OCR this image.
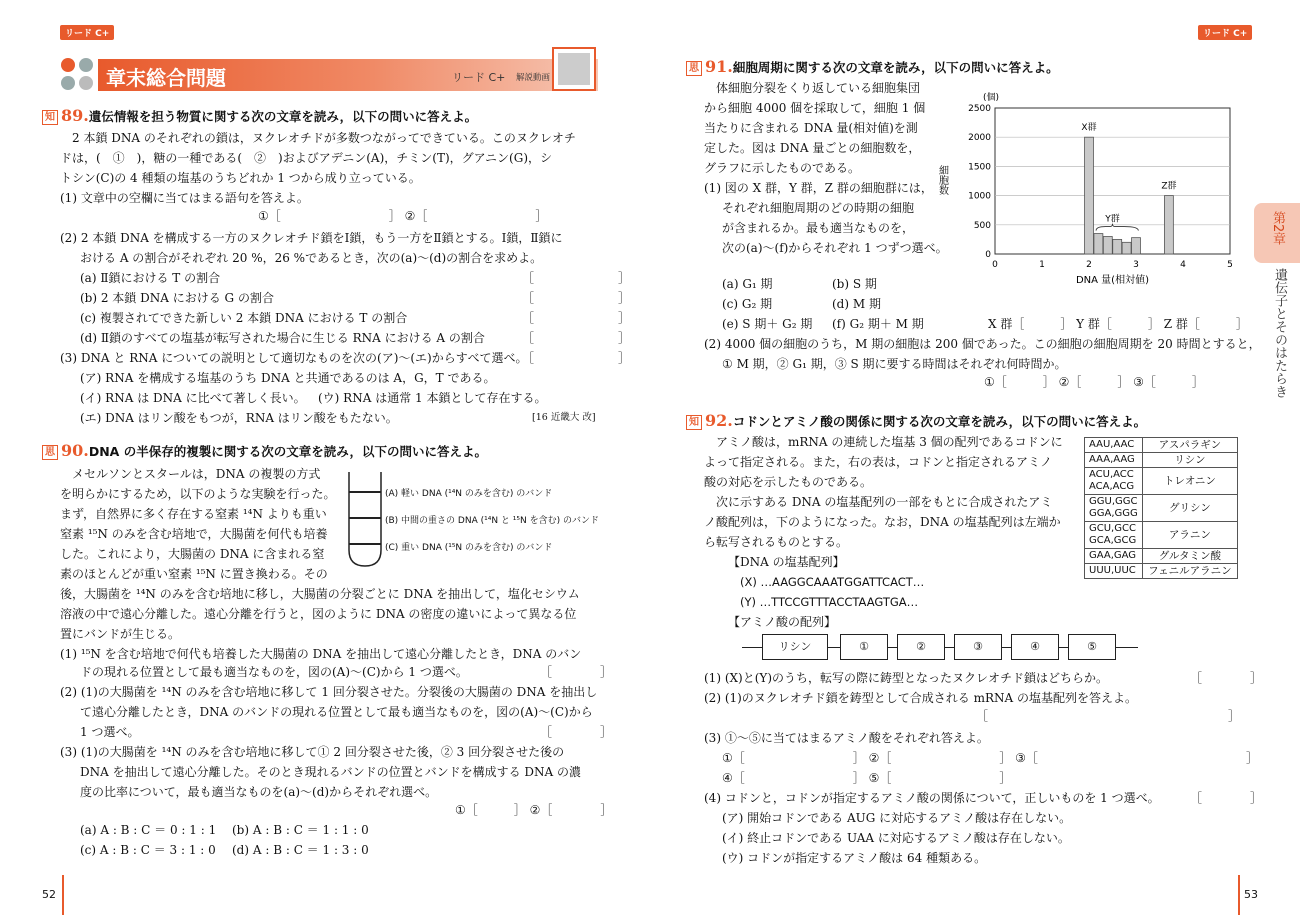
リード C+
章末総合問題	リード C+ 解説動画
知 89.遺伝情報を担う物質に関する次の文章を読み，以下の問いに答えよ。
2 本鎖 DNA のそれぞれの鎖は，ヌクレオチドが多数つながってできている。このヌクレオチ
ドは，(　①　)，糖の一種である(　②　)およびアデニン(A)，チミン(T)，グアニン(G)，シ
トシン(C)の 4 種類の塩基のうちどれか 1 つから成り立っている。
(1) 文章中の空欄に当てはまる語句を答えよ。
①［　　　　　　　　　］ ②［　　　　　　　　　］
(2) 2 本鎖 DNA を構成する一方のヌクレオチド鎖をⅠ鎖，もう一方をⅡ鎖とする。Ⅰ鎖，Ⅱ鎖に
おける A の割合がそれぞれ 20 %，26 %であるとき，次の(a)～(d)の割合を求めよ。
(a) Ⅱ鎖における T の割合	［　　　　　　　］
(b) 2 本鎖 DNA における G の割合	［　　　　　　　］
(c) 複製されてできた新しい 2 本鎖 DNA における T の割合	［　　　　　　　］
(d) Ⅱ鎖のすべての塩基が転写された場合に生じる RNA における A の割合	［　　　　　　　］
(3) DNA と RNA についての説明として適切なものを次の(ア)～(エ)からすべて選べ。
［　　　　　　　］
(ア) RNA を構成する塩基のうち DNA と共通であるのは A，G，T である。
(イ) RNA は DNA に比べて著しく長い。 (ウ) RNA は通常 1 本鎖として存在する。
(エ) DNA はリン酸をもつが，RNA はリン酸をもたない。	[16 近畿大 改]
思 90.DNA の半保存的複製に関する次の文章を読み，以下の問いに答えよ。
メセルソンとスタールは，DNA の複製の方式
を明らかにするため，以下のような実験を行った。
まず，自然界に多く存在する窒素 ¹⁴N よりも重い
窒素 ¹⁵N のみを含む培地で，大腸菌を何代も培養
した。これにより，大腸菌の DNA に含まれる窒
素のほとんどが重い窒素 ¹⁵N に置き換わる。その
後，大腸菌を ¹⁴N のみを含む培地に移し，大腸菌の分裂ごとに DNA を抽出して，塩化セシウム
溶液の中で遠心分離した。遠心分離を行うと，図のように DNA の密度の違いによって異なる位
置にバンドが生じる。
(A) 軽い DNA (¹⁴N のみを含む) のバンド
(B) 中間の重さの DNA (¹⁴N と ¹⁵N を含む) のバンド
(C) 重い DNA (¹⁵N のみを含む) のバンド
(1) ¹⁵N を含む培地で何代も培養した大腸菌の DNA を抽出して遠心分離したとき，DNA のバン
ドの現れる位置として最も適当なものを，図の(A)～(C)から 1 つ選べ。	［　　　　］
(2) (1)の大腸菌を ¹⁴N のみを含む培地に移して 1 回分裂させた。分裂後の大腸菌の DNA を抽出し
て遠心分離したとき，DNA のバンドの現れる位置として最も適当なものを，図の(A)～(C)から
1 つ選べ。	［　　　　］
(3) (1)の大腸菌を ¹⁴N のみを含む培地に移して① 2 回分裂させた後，② 3 回分裂させた後の
DNA を抽出して遠心分離した。そのとき現れるバンドの位置とバンドを構成する DNA の濃
度の比率について，最も適当なものを(a)～(d)からそれぞれ選べ。
①［　　　］ ②［　　　　］
(a) A : B : C ＝ 0 : 1 : 1 (b) A : B : C ＝ 1 : 1 : 0
(c) A : B : C ＝ 3 : 1 : 0 (d) A : B : C ＝ 1 : 3 : 0
52
リード C+
思 91.細胞周期に関する次の文章を読み，以下の問いに答えよ。
体細胞分裂をくり返している細胞集団
から細胞 4000 個を採取して，細胞 1 個
当たりに含まれる DNA 量(相対値)を測
定した。図は DNA 量ごとの細胞数を，
グラフに示したものである。
(1) 図の X 群，Y 群，Z 群の細胞群には，
それぞれ細胞周期のどの時期の細胞
が含まれるか。最も適当なものを，
次の(a)～(f)からそれぞれ 1 つずつ選べ。
(a) G₁ 期	(b) S 期
(c) G₂ 期	(d) M 期
(e) S 期＋ G₂ 期 (f) G₂ 期＋ M 期	X 群［　　　］ Y 群［　　　］ Z 群［　　　］
(2) 4000 個の細胞のうち，M 期の細胞は 200 個であった。この細胞の細胞周期を 20 時間とすると，
① M 期，② G₁ 期，③ S 期に要する時間はそれぞれ何時間か。
①［　　　］ ②［　　　］ ③［　　　］
0
500
1000
1500
2000
2500
0	1	2	3	4	5
X群
Y群
Z群
(個)
細胞数
DNA 量(相対値)
知 92.コドンとアミノ酸の関係に関する次の文章を読み，以下の問いに答えよ。
アミノ酸は，mRNA の連続した塩基 3 個の配列であるコドンに
よって指定される。また，右の表は，コドンと指定されるアミノ
酸の対応を示したものである。
次に示すある DNA の塩基配列の一部をもとに合成されたアミ
ノ酸配列は，下のようになった。なお，DNA の塩基配列は左端か
ら転写されるものとする。
【DNA の塩基配列】
(X) …AAGGCAAATGGATTCACT…
(Y) …TTCCGTTTACCTAAGTGA…
【アミノ酸の配列】
リシン	①	②	③	④	⑤
AAU,AAC	アスパラギン
AAA,AAG	リシン
ACU,ACC
ACA,ACG	トレオニン
GGU,GGC
GGA,GGG	グリシン
GCU,GCC
GCA,GCG	アラニン
GAA,GAG	グルタミン酸
UUU,UUC	フェニルアラニン
(1) (X)と(Y)のうち，転写の際に鋳型となったヌクレオチド鎖はどちらか。	［　　　　］
(2) (1)のヌクレオチド鎖を鋳型として合成される mRNA の塩基配列を答えよ。
［　　　　　　　　　　　　　　　　　　　　］
(3) ①～⑤に当てはまるアミノ酸をそれぞれ答えよ。
①［　　　　　　　　　］ ②［　　　　　　　　　］ ③［	　　　］
④［　　　　　　　　　］ ⑤［　　　　　　　　　］
(4) コドンと，コドンが指定するアミノ酸の関係について，正しいものを 1 つ選べ。	［　　　　］
(ア) 開始コドンである AUG に対応するアミノ酸は存在しない。
(イ) 終止コドンである UAA に対応するアミノ酸は存在しない。
(ウ) コドンが指定するアミノ酸は 64 種類ある。
第2章
遺伝子とそのはたらき
53
